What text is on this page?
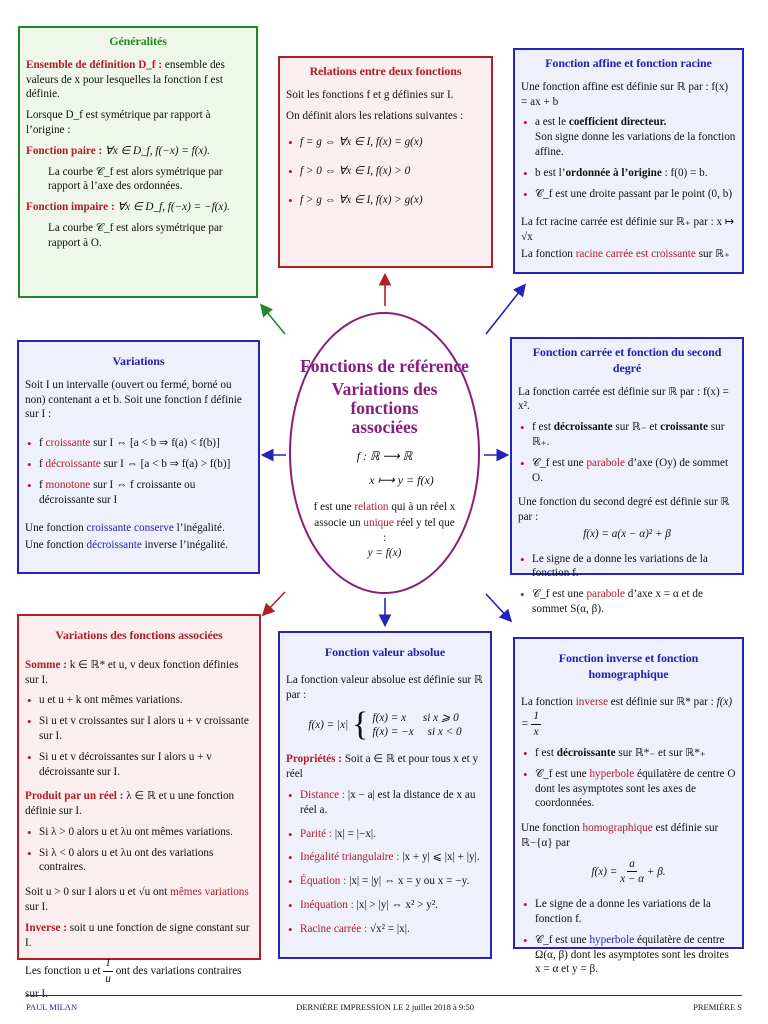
Généralités

Ensemble de définition D_f : ensemble des valeurs de x pour lesquelles la fonction f est définie.

Lorsque D_f est symétrique par rapport à l’origine :

Fonction paire : ∀x ∈ D_f, f(−x) = f(x).

La courbe 𝒞_f est alors symétrique par rapport à l’axe des ordonnées.

Fonction impaire : ∀x ∈ D_f, f(−x) = −f(x).

La courbe 𝒞_f est alors symétrique par rapport à O.

Relations entre deux fonctions

Soit les fonctions f et g définies sur I.

On définit alors les relations suivantes :

• f = g ⇔ ∀x ∈ I, f(x) = g(x)
• f > 0 ⇔ ∀x ∈ I, f(x) > 0
• f > g ⇔ ∀x ∈ I, f(x) > g(x)
Fonction affine et fonction racine

Une fonction affine est définie sur ℝ par : f(x) = ax + b

• a est le coefficient directeur.
Son signe donne les variations de la fonction affine.
• b est l’ordonnée à l’origine : f(0) = b.
• 𝒞_f est une droite passant par le point (0, b)

La fct racine carrée est définie sur ℝ₊ par : x ↦ √x

La fonction racine carrée est croissante sur ℝ₊

Variations

Soit I un intervalle (ouvert ou fermé, borné ou non) contenant a et b. Soit une fonction f définie sur I :

• f croissante sur I ⇔ [a < b ⇒ f(a) < f(b)]
• f décroissante sur I ⇔ [a < b ⇒ f(a) > f(b)]
• f monotone sur I ⇔ f croissante ou décroissante sur I

Une fonction croissante conserve l’inégalité.

Une fonction décroissante inverse l’inégalité.

Fonctions de référence
Variations des fonctions associées
f : ℝ ⟶ ℝ
x ⟼ y = f(x)
f est une relation qui à un réel x associe un unique réel y tel que :
y = f(x)
Fonction carrée et fonction du second degré

La fonction carrée est définie sur ℝ par : f(x) = x².

• f est décroissante sur ℝ₋ et croissante sur ℝ₊.
• 𝒞_f est une parabole d’axe (Oy) de sommet O.

Une fonction du second degré est définie sur ℝ par :

f(x) = a(x − α)² + β

• Le signe de a donne les variations de la fonction f.
• 𝒞_f est une parabole d’axe x = α et de sommet S(α, β).
Variations des fonctions associées

Somme : k ∈ ℝ* et u, v deux fonction définies sur I.

• u et u + k ont mêmes variations.
• Si u et v croissantes sur I alors u + v croissante sur I.
• Si u et v décroissantes sur I alors u + v décroissante sur I.

Produit par un réel : λ ∈ ℝ et u une fonction définie sur I.

• Si λ > 0 alors u et λu ont mêmes variations.
• Si λ < 0 alors u et λu ont des variations contraires.

Soit u > 0 sur I alors u et √u ont mêmes variations sur I.

Inverse : soit u une fonction de signe constant sur I.

Les fonction u et $\frac{1}{u}$ ont des variations contraires sur I.

Fonction valeur absolue

La fonction valeur absolue est définie sur ℝ par :

f(x) = |x| { f(x) = x      si x ⩾ 0
f(x) = −x     si x < 0

Propriétés : Soit a ∈ ℝ et pour tous x et y réel

• Distance : |x − a| est la distance de x au réel a.
• Parité : |x| = |−x|.
• Inégalité triangulaire : |x + y| ⩽ |x| + |y|.
• Équation : |x| = |y| ⇔ x = y ou x = −y.
• Inéquation : |x| > |y| ⇔ x² > y².
• Racine carrée : √x² = |x|.
Fonction inverse et fonction homographique

La fonction inverse est définie sur ℝ* par : $f(x) = \frac{1}{x}$

• f est décroissante sur ℝ*₋ et sur ℝ*₊
• 𝒞_f est une hyperbole équilatère de centre O dont les asymptotes sont les axes de coordonnées.

Une fonction homographique est définie sur ℝ−{α} par

$f(x) = \frac{a}{x - \alpha} + \beta$.

• Le signe de a donne les variations de la fonction f.
• 𝒞_f est une hyperbole équilatère de centre Ω(α, β) dont les asymptotes sont les droites x = α et y = β.
PAUL MILAN	DERNIÈRE IMPRESSION LE 2 juillet 2018 à 9:50	PREMIÈRE S
